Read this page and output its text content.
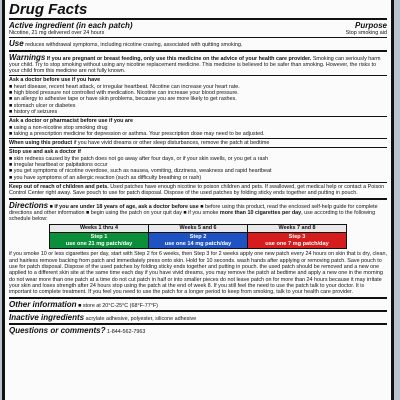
Drug Facts
Active ingredient (in each patch)	Purpose
Nicotine, 21 mg delivered over 24 hours	Stop smoking aid
Use reduces withdrawal symptoms, including nicotine craving, associated with quitting smoking.
Warnings If you are pregnant or breast feeding, only use this medicine on the advice of your health care provider. Smoking can seriously harm your child. Try to stop smoking without using any nicotine replacement medicine. This medicine is believed to be safer than smoking. However, the risks to your child from this medicine are not fully known.
Ask a doctor before use if you have
■ heart disease, recent heart attack, or irregular heartbeat. Nicotine can increase your heart rate.
■ high blood pressure not controlled with medication. Nicotine can increase your blood pressure.
■ an allergy to adhesive tape or have skin problems, because you are more likely to get rashes.
■ stomach ulcer or diabetes
■ history of seizures
Ask a doctor or pharmacist before use if you are
■ using a non-nicotine stop smoking drug
■ taking a prescription medicine for depression or asthma. Your prescription dose may need to be adjusted.
When using this product if you have vivid dreams or other sleep disturbances, remove the patch at bedtime
Stop use and ask a doctor if
■ skin redness caused by the patch does not go away after four days, or if your skin swells, or you get a rash
■ irregular heartbeat or palpitations occur
■ you get symptoms of nicotine overdose, such as nausea, vomiting, dizziness, weakness and rapid heartbeat
■ you have symptoms of an allergic reaction (such as difficulty breathing or rash)
Keep out of reach of children and pets. Used patches have enough nicotine to poison children and pets. If swallowed, get medical help or contact a Poison Control Center right away. Save pouch to use for patch disposal. Dispose of the used patches by folding sticky ends together and putting in pouch.
Directions ■ if you are under 18 years of age, ask a doctor before use ■ before using this product, read the enclosed self-help guide for complete directions and other information ■ begin using the patch on your quit day ■ if you smoke more than 10 cigarettes per day, use according to the following schedule below:
Weeks 1 thru 4
Step 1
use one 21 mg patch/day
Weeks 5 and 6
Step 2
use one 14 mg patch/day
Weeks 7 and 8
Step 3
use one 7 mg patch/day
if you smoke 10 or less cigarettes per day, start with Step 2 for 6 weeks, then Step 3 for 2 weeks apply one new patch every 24 hours on skin that is dry, clean, and hairless remove backing from patch and immediately press onto skin. Hold for 10 seconds. wash hands after applying or removing patch. Save pouch to use for patch disposal. Dispose of the used patches by folding sticky ends together and putting in pouch. the used patch should be removed and a new one applied to a different skin site at the same time each day if you have vivid dreams, you may remove the patch at bedtime and apply a new one in the morning do not wear more than one patch at a time do not cut patch in half or into smaller pieces do not leave patch on for more than 24 hours because it may irritate your skin and loses strength after 24 hours stop using the patch at the end of week 8. If you still feel the need to use the patch talk to your doctor. It is important to complete treatment. If you feel you need to use the patch for a longer period to keep from smoking, talk to your health care provider.
Other information ■ store at 20°C-25°C (68°F-77°F)
Inactive ingredients acrylate adhesive, polyester, silicone adhesive
Questions or comments? 1-844-562-7963
